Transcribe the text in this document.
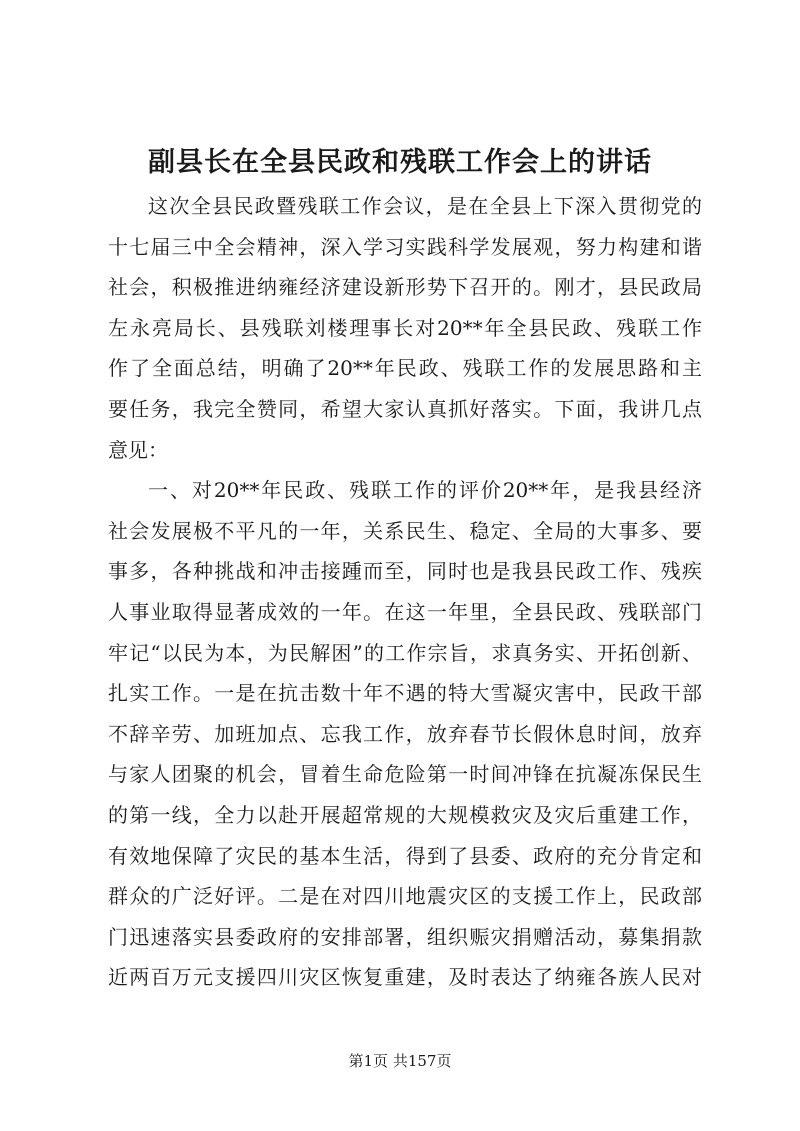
副县长在全县民政和残联工作会上的讲话
这次全县民政暨残联工作会议，是在全县上下深入贯彻党的
十七届三中全会精神，深入学习实践科学发展观，努力构建和谐
社会，积极推进纳雍经济建设新形势下召开的。刚才，县民政局
左永亮局长、县残联刘楼理事长对20**年全县民政、残联工作
作了全面总结，明确了20**年民政、残联工作的发展思路和主
要任务，我完全赞同，希望大家认真抓好落实。下面，我讲几点
意见：
一、对20**年民政、残联工作的评价20**年，是我县经济
社会发展极不平凡的一年，关系民生、稳定、全局的大事多、要
事多，各种挑战和冲击接踵而至，同时也是我县民政工作、残疾
人事业取得显著成效的一年。在这一年里，全县民政、残联部门
牢记“以民为本，为民解困”的工作宗旨，求真务实、开拓创新、
扎实工作。一是在抗击数十年不遇的特大雪凝灾害中，民政干部
不辞辛劳、加班加点、忘我工作，放弃春节长假休息时间，放弃
与家人团聚的机会，冒着生命危险第一时间冲锋在抗凝冻保民生
的第一线，全力以赴开展超常规的大规模救灾及灾后重建工作，
有效地保障了灾民的基本生活，得到了县委、政府的充分肯定和
群众的广泛好评。二是在对四川地震灾区的支援工作上，民政部
门迅速落实县委政府的安排部署，组织赈灾捐赠活动，募集捐款
近两百万元支援四川灾区恢复重建，及时表达了纳雍各族人民对
第1页 共157页
